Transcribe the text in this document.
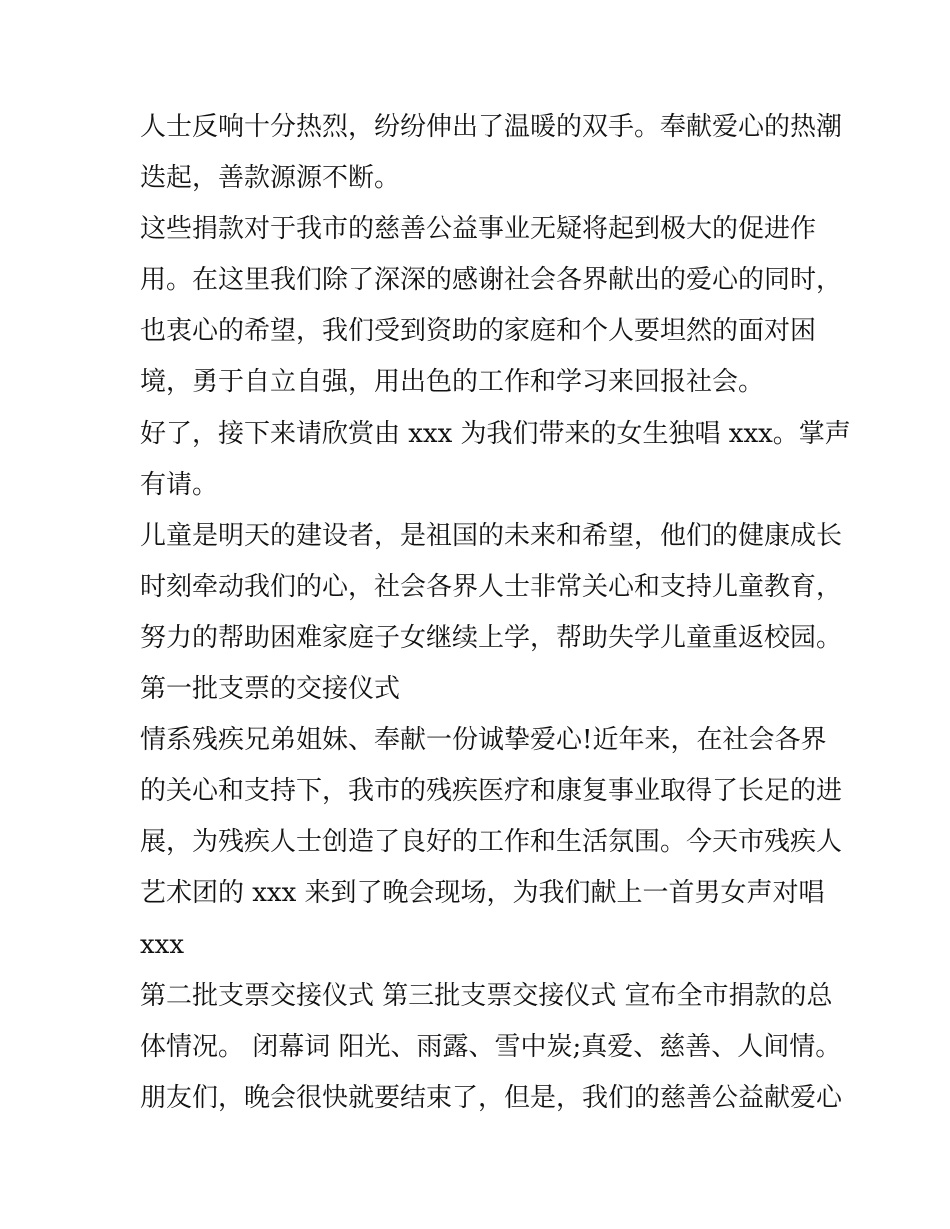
人士反响十分热烈，纷纷伸出了温暖的双手。奉献爱心的热潮
迭起，善款源源不断。
这些捐款对于我市的慈善公益事业无疑将起到极大的促进作
用。在这里我们除了深深的感谢社会各界献出的爱心的同时，
也衷心的希望，我们受到资助的家庭和个人要坦然的面对困
境，勇于自立自强，用出色的工作和学习来回报社会。
好了，接下来请欣赏由 xxx 为我们带来的女生独唱 xxx。掌声
有请。
儿童是明天的建设者，是祖国的未来和希望，他们的健康成长
时刻牵动我们的心，社会各界人士非常关心和支持儿童教育，
努力的帮助困难家庭子女继续上学，帮助失学儿童重返校园。
第一批支票的交接仪式
情系残疾兄弟姐妹、奉献一份诚挚爱心!近年来，在社会各界
的关心和支持下，我市的残疾医疗和康复事业取得了长足的进
展，为残疾人士创造了良好的工作和生活氛围。今天市残疾人
艺术团的 xxx 来到了晚会现场，为我们献上一首男女声对唱
xxx
第二批支票交接仪式 第三批支票交接仪式 宣布全市捐款的总
体情况。 闭幕词 阳光、雨露、雪中炭;真爱、慈善、人间情。
朋友们，晚会很快就要结束了，但是，我们的慈善公益献爱心
